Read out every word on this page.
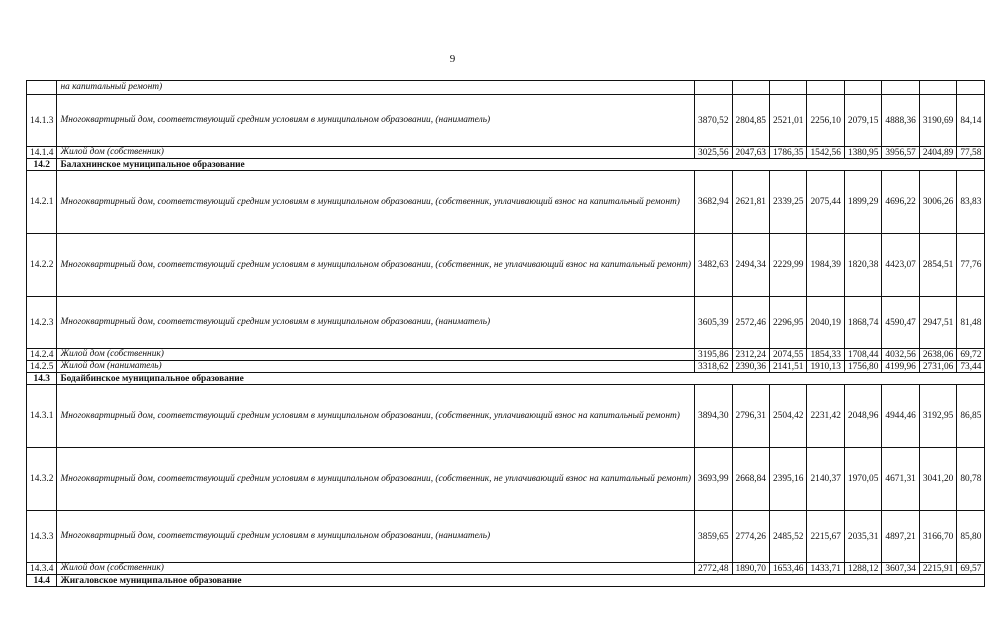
9
	на капитальный ремонт)								
14.1.3	Многоквартирный дом, соответствующий средним условиям в муниципальном образовании, (наниматель)	3870,52	2804,85	2521,01	2256,10	2079,15	4888,36	3190,69	84,14
14.1.4	Жилой дом (собственник)	3025,56	2047,63	1786,35	1542,56	1380,95	3956,57	2404,89	77,58
14.2	Балахнинское муниципальное образование								
14.2.1	Многоквартирный дом, соответствующий средним условиям в муниципальном образовании, (собственник, уплачивающий взнос на капитальный ремонт)	3682,94	2621,81	2339,25	2075,44	1899,29	4696,22	3006,26	83,83
14.2.2	Многоквартирный дом, соответствующий средним условиям в муниципальном образовании, (собственник, не уплачивающий взнос на капитальный ремонт)	3482,63	2494,34	2229,99	1984,39	1820,38	4423,07	2854,51	77,76
14.2.3	Многоквартирный дом, соответствующий средним условиям в муниципальном образовании, (наниматель)	3605,39	2572,46	2296,95	2040,19	1868,74	4590,47	2947,51	81,48
14.2.4	Жилой дом (собственник)	3195,86	2312,24	2074,55	1854,33	1708,44	4032,56	2638,06	69,72
14.2.5	Жилой дом (наниматель)	3318,62	2390,36	2141,51	1910,13	1756,80	4199,96	2731,06	73,44
14.3	Бодайбинское муниципальное образование								
14.3.1	Многоквартирный дом, соответствующий средним условиям в муниципальном образовании, (собственник, уплачивающий взнос на капитальный ремонт)	3894,30	2796,31	2504,42	2231,42	2048,96	4944,46	3192,95	86,85
14.3.2	Многоквартирный дом, соответствующий средним условиям в муниципальном образовании, (собственник, не уплачивающий взнос на капитальный ремонт)	3693,99	2668,84	2395,16	2140,37	1970,05	4671,31	3041,20	80,78
14.3.3	Многоквартирный дом, соответствующий средним условиям в муниципальном образовании, (наниматель)	3859,65	2774,26	2485,52	2215,67	2035,31	4897,21	3166,70	85,80
14.3.4	Жилой дом (собственник)	2772,48	1890,70	1653,46	1433,71	1288,12	3607,34	2215,91	69,57
14.4	Жигаловское муниципальное образование								
